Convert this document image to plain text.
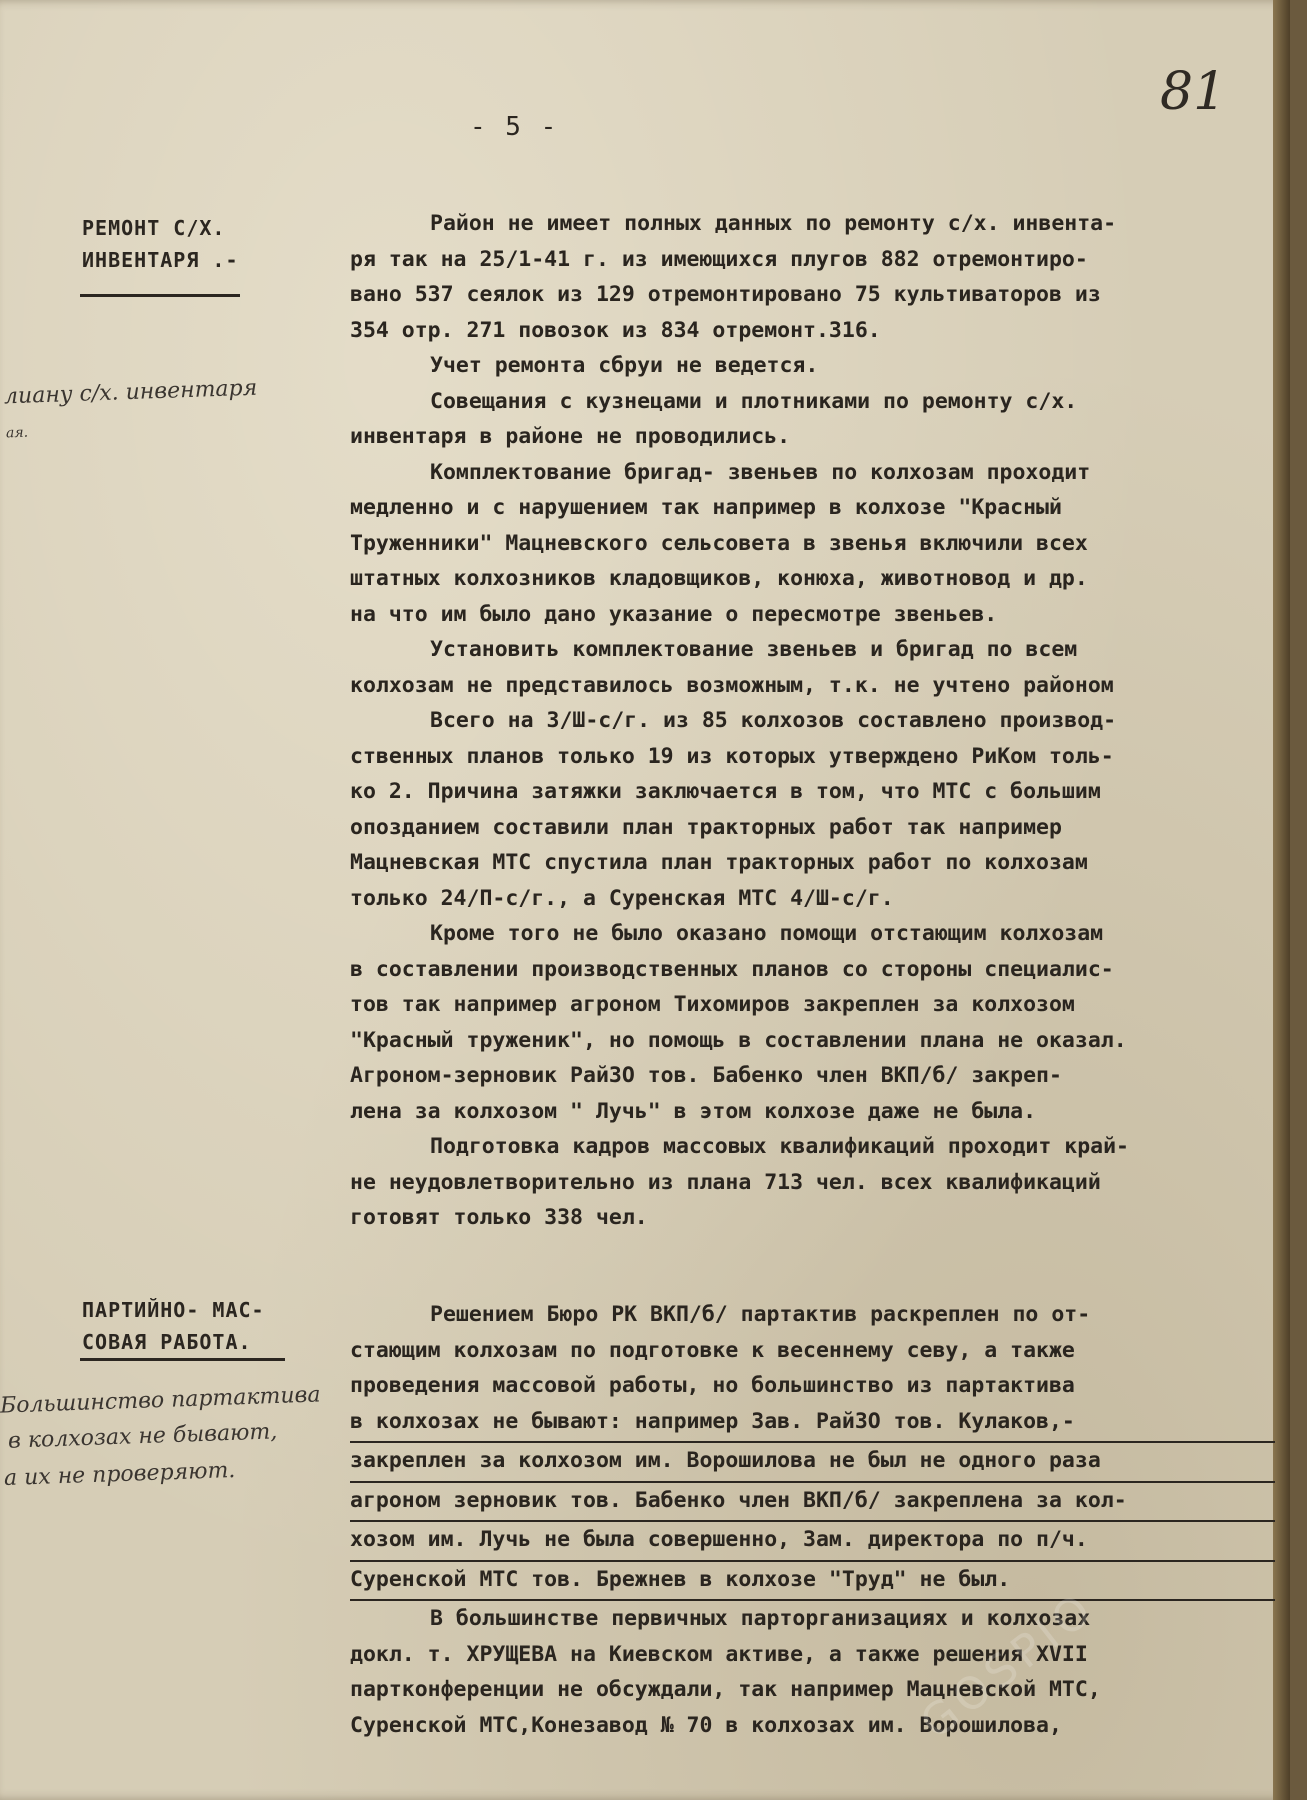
81
- 5 -
РЕМОНТ С/Х.
ИНВЕНТАРЯ .-
лиану с/х. инвентаря
ая.
Район не имеет полных данных по ремонту с/х. инвента-
ря так на 25/1-41 г. из имеющихся плугов 882 отремонтиро-
вано 537 сеялок из 129 отремонтировано 75 культиваторов из
354 отр. 271 повозок из 834 отремонт.316.
Учет ремонта сбруи не ведется.
Совещания с кузнецами и плотниками по ремонту с/х.
инвентаря в районе не проводились.
Комплектование бригад- звеньев по колхозам проходит
медленно и с нарушением так например в колхозе "Красный
Труженники" Мацневского сельсовета в звенья включили всех
штатных колхозников кладовщиков, конюха, животновод и др.
на что им было дано указание о пересмотре звеньев.
Установить комплектование звеньев и бригад по всем
колхозам не представилось возможным, т.к. не учтено районом
Всего на 3/Ш-с/г. из 85 колхозов составлено производ-
ственных планов только 19 из которых утверждено РиКом толь-
ко 2. Причина затяжки заключается в том, что МТС с большим
опозданием составили план тракторных работ так например
Мацневская МТС спустила план тракторных работ по колхозам
только 24/П-с/г., а Суренская МТС 4/Ш-с/г.
Кроме того не было оказано помощи отстающим колхозам
в составлении производственных планов со стороны специалис-
тов так например агроном Тихомиров закреплен за колхозом
"Красный труженик", но помощь в составлении плана не оказал.
Агроном-зерновик РайЗО тов. Бабенко член ВКП/б/ закреп-
лена за колхозом " Лучь" в этом колхозе даже не была.
Подготовка кадров массовых квалификаций проходит край-
не неудовлетворительно из плана 713 чел. всех квалификаций
готовят только 338 чел.
ПАРТИЙНО- МАС-
СОВАЯ РАБОТА.
Большинство партактива
в колхозах не бывают,
а их не проверяют.
Решением Бюро РК ВКП/б/ партактив раскреплен по от-
стающим колхозам по подготовке к весеннему севу, а также
проведения массовой работы, но большинство из партактива
в колхозах не бывают: например Зав. РайЗО тов. Кулаков,-
закреплен за колхозом им. Ворошилова не был не одного раза
агроном зерновик тов. Бабенко член ВКП/б/ закреплена за кол-
хозом им. Лучь не была совершенно, Зам. директора по п/ч.
Суренской МТС тов. Брежнев в колхозе "Труд" не был.
В большинстве первичных парторганизациях и колхозах
докл. т. ХРУЩЕВА на Киевском активе, а также решения XVII
партконференции не обсуждали, так например Мацневской МТС,
Суренской МТС,Конезавод № 70 в колхозах им. Ворошилова,
GOSPIO
